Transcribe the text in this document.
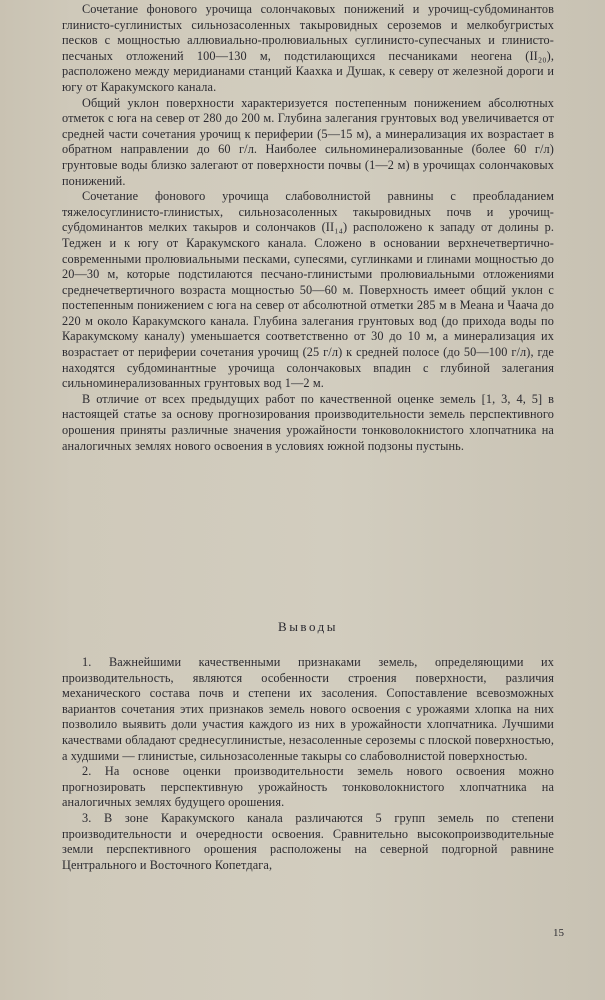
Сочетание фонового урочища солончаковых понижений и урочищ-субдоминантов глинисто-суглинистых сильнозасоленных такыровидных сероземов и мелкобугристых песков с мощностью аллювиально-пролювиальных суглинисто-супесчаных и глинисто-песчаных отложений 100—130 м, подстилающихся песчаниками неогена (II₂₀), расположено между меридианами станций Каахка и Душак, к северу от железной дороги и югу от Каракумского канала.

Общий уклон поверхности характеризуется постепенным понижением абсолютных отметок с юга на север от 280 до 200 м. Глубина залегания грунтовых вод увеличивается от средней части сочетания урочищ к периферии (5—15 м), а минерализация их возрастает в обратном направлении до 60 г/л. Наиболее сильноминерализованные (более 60 г/л) грунтовые воды близко залегают от поверхности почвы (1—2 м) в урочищах солончаковых понижений.

Сочетание фонового урочища слабоволнистой равнины с преобладанием тяжелосуглинисто-глинистых, сильнозасоленных такыровидных почв и урочищ-субдоминантов мелких такыров и солончаков (II₁₄) расположено к западу от долины р. Теджен и к югу от Каракумского канала. Сложено в основании верхнечетвертично-современными пролювиальными песками, супесями, суглинками и глинами мощностью до 20—30 м, которые подстилаются песчано-глинистыми пролювиальными отложениями среднечетвертичного возраста мощностью 50—60 м. Поверхность имеет общий уклон с постепенным понижением с юга на север от абсолютной отметки 285 м в Меана и Чаача до 220 м около Каракумского канала. Глубина залегания грунтовых вод (до прихода воды по Каракумскому каналу) уменьшается соответственно от 30 до 10 м, а минерализация их возрастает от периферии сочетания урочищ (25 г/л) к средней полосе (до 50—100 г/л), где находятся субдоминантные урочища солончаковых впадин с глубиной залегания сильноминерализованных грунтовых вод 1—2 м.

В отличие от всех предыдущих работ по качественной оценке земель [1, 3, 4, 5] в настоящей статье за основу прогнозирования производительности земель перспективного орошения приняты различные значения урожайности тонковолокнистого хлопчатника на аналогичных землях нового освоения в условиях южной подзоны пустынь.

Выводы

1. Важнейшими качественными признаками земель, определяющими их производительность, являются особенности строения поверхности, различия механического состава почв и степени их засоления. Сопоставление всевозможных вариантов сочетания этих признаков земель нового освоения с урожаями хлопка на них позволило выявить доли участия каждого из них в урожайности хлопчатника. Лучшими качествами обладают среднесуглинистые, незасоленные сероземы с плоской поверхностью, а худшими — глинистые, сильнозасоленные такыры со слабоволнистой поверхностью.

2. На основе оценки производительности земель нового освоения можно прогнозировать перспективную урожайность тонковолокнистого хлопчатника на аналогичных землях будущего орошения.

3. В зоне Каракумского канала различаются 5 групп земель по степени производительности и очередности освоения. Сравнительно высокопроизводительные земли перспективного орошения расположены на северной подгорной равнине Центрального и Восточного Копетдага,

15
